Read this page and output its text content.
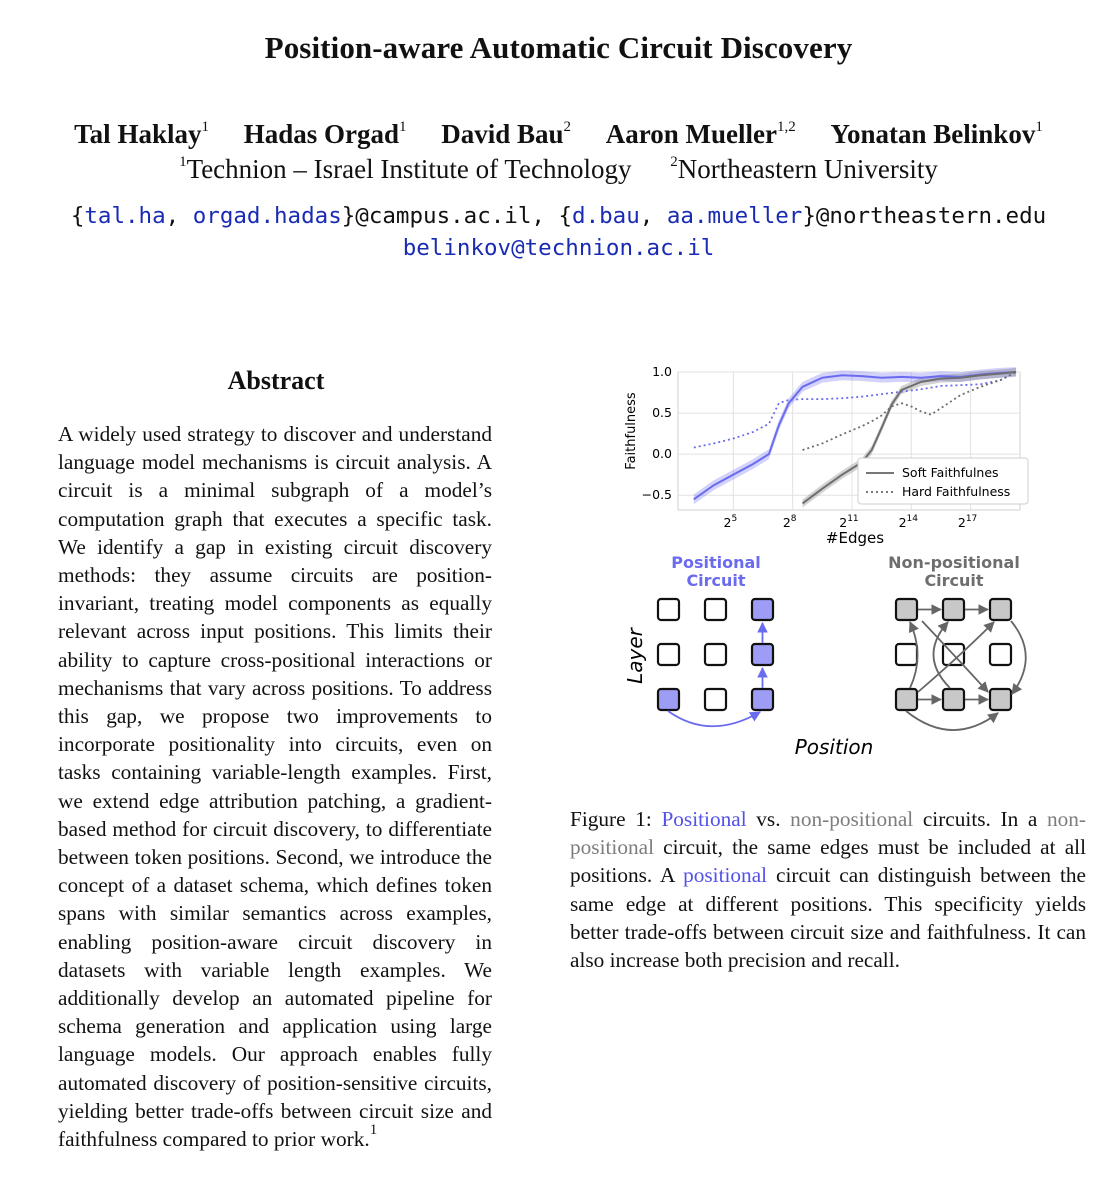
Position-aware Automatic Circuit Discovery
Tal Haklay$^1$ Hadas Orgad$^1$ David Bau$^2$ Aaron Mueller$^{1,2}$ Yonatan Belinkov$^1$
$^1$Technion – Israel Institute of Technology	$^2$Northeastern University
{tal.ha, orgad.hadas}@campus.ac.il, {d.bau, aa.mueller}@northeastern.edu
belinkov@technion.ac.il
Abstract
A widely used strategy to discover and understand language model mechanisms is circuit analysis. A circuit is a minimal subgraph of a model’s computation graph that executes a specific task. We identify a gap in existing circuit discovery methods: they assume circuits are position-invariant, treating model components as equally relevant across input positions. This limits their ability to capture cross-positional interactions or mechanisms that vary across positions. To address this gap, we propose two improvements to incorporate positionality into circuits, even on tasks containing variable-length examples. First, we extend edge attribution patching, a gradient-based method for circuit discovery, to differentiate between token positions. Second, we introduce the concept of a dataset schema, which defines token spans with similar semantics across examples, enabling position-aware circuit discovery in datasets with variable length examples. We additionally develop an automated pipeline for schema generation and application using large language models. Our approach enables fully automated discovery of position-sensitive circuits, yielding better trade-offs between circuit size and faithfulness compared to prior work.$^1$
−0.5
0.0
0.5
1.0
$2^5$	$2^8$	$2^{11}$	$2^{14}$	$2^{17}$
Faithfulness
#Edges
Soft Faithfulnes
Hard Faithfulness
Positional
Circuit
Layer
Position
Non-positional
Circuit
Figure 1: Positional vs. non-positional circuits. In a non-positional circuit, the same edges must be included at all positions. A positional circuit can distinguish between the same edge at different positions. This specificity yields better trade-offs between circuit size and faithfulness. It can also increase both precision and recall.
